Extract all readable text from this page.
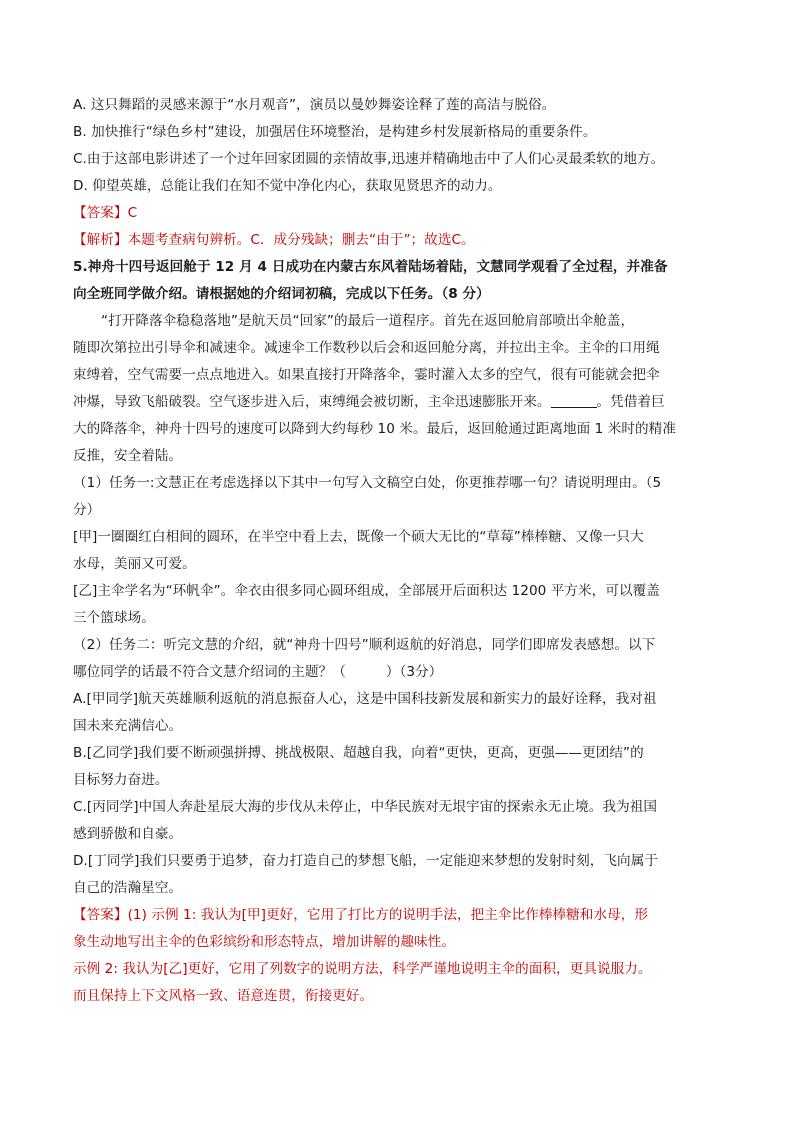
A. 这只舞蹈的灵感来源于“水月观音”，演员以曼妙舞姿诠释了莲的高洁与脱俗。
B. 加快推行“绿色乡村”建设，加强居住环境整治，是构建乡村发展新格局的重要条件。
C.由于这部电影讲述了一个过年回家团圆的亲情故事,迅速并精确地击中了人们心灵最柔软的地方。
D. 仰望英雄，总能让我们在知不觉中净化内心，获取见贤思齐的动力。
【答案】C
【解析】本题考查病句辨析。C．成分残缺；删去“由于”；故选C。
5.神舟十四号返回舱于 12 月 4 日成功在内蒙古东风着陆场着陆，文慧同学观看了全过程，并准备
向全班同学做介绍。请根据她的介绍词初稿，完成以下任务。（8 分）
“打开降落伞稳稳落地”是航天员“回家”的最后一道程序。首先在返回舱肩部喷出伞舱盖，
随即次第拉出引导伞和减速伞。减速伞工作数秒以后会和返回舱分离，并拉出主伞。主伞的口用绳
束缚着，空气需要一点点地进入。如果直接打开降落伞，霎时灌入太多的空气，很有可能就会把伞
冲爆，导致飞船破裂。空气逐步进入后，束缚绳会被切断，主伞迅速膨胀开来。	。凭借着巨
大的降落伞，神舟十四号的速度可以降到大约每秒 10 米。最后，返回舱通过距离地面 1 米时的精准
反推，安全着陆。
（1）任务一:文慧正在考虑选择以下其中一句写入文稿空白处，你更推荐哪一句？请说明理由。（5
分）
[甲]一圈圈红白相间的圆环，在半空中看上去，既像一个硕大无比的“草莓”棒棒糖、又像一只大
水母，美丽又可爱。
[乙]主伞学名为“环帆伞”。伞衣由很多同心圆环组成，全部展开后面积达 1200 平方米，可以覆盖
三个篮球场。
（2）任务二：听完文慧的介绍，就“神舟十四号”顺利返航的好消息，同学们即席发表感想。以下
哪位同学的话最不符合文慧介绍词的主题？（	）（3分）
A.[甲同学]航天英雄顺利返航的消息振奋人心，这是中国科技新发展和新实力的最好诠释，我对祖
国未来充满信心。
B.[乙同学]我们要不断顽强拼搏、挑战极限、超越自我，向着“更快，更高，更强——更团结”的
目标努力奋进。
C.[丙同学]中国人奔赴星辰大海的步伐从未停止，中华民族对无垠宇宙的探索永无止境。我为祖国
感到骄傲和自豪。
D.[丁同学]我们只要勇于追梦，奋力打造自己的梦想飞船，一定能迎来梦想的发射时刻，飞向属于
自己的浩瀚星空。
【答案】(1) 示例 1: 我认为[甲]更好，它用了打比方的说明手法，把主伞比作棒棒糖和水母，形
象生动地写出主伞的色彩缤纷和形态特点，增加讲解的趣味性。
示例 2: 我认为[乙]更好，它用了列数字的说明方法，科学严谨地说明主伞的面积，更具说服力。
而且保持上下文风格一致、语意连贯，衔接更好。
